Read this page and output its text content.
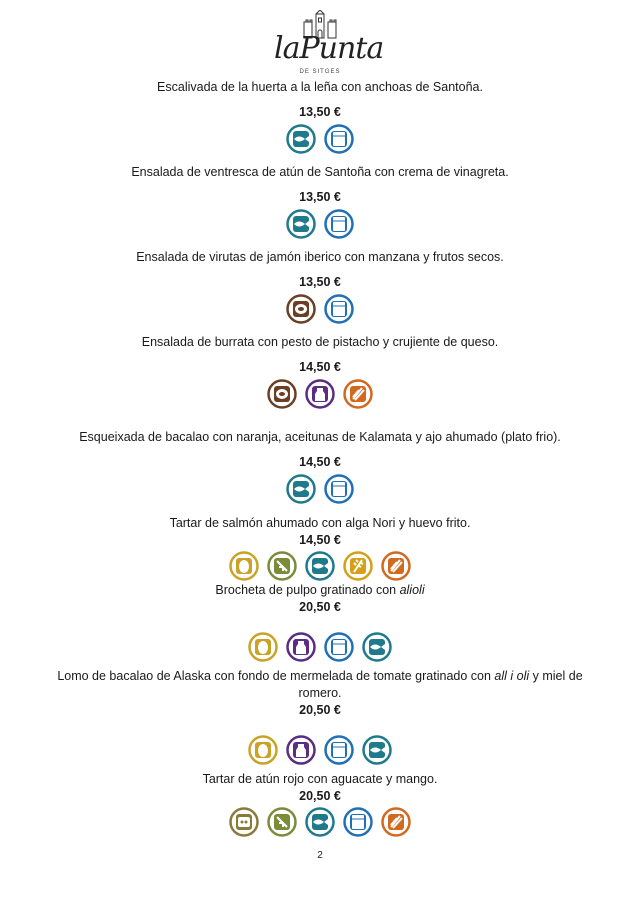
laPunta
DE SITGES
Escalivada de la huerta a la leña con anchoas de Santoña.
13,50 €
Ensalada de ventresca de atún de Santoña con crema de vinagreta.
13,50 €
Ensalada de virutas de jamón iberico con manzana y frutos secos.
13,50 €
Ensalada de burrata con pesto de pistacho y crujiente de queso.
14,50 €
Esqueixada de bacalao con naranja, aceitunas de Kalamata y ajo ahumado (plato frio).
14,50 €
Tartar de salmón ahumado con alga Nori y huevo frito.
14,50 €
Brocheta de pulpo gratinado con alioli
20,50 €
Lomo de bacalao de Alaska con fondo de mermelada de tomate gratinado con all i oli y miel de romero.
20,50 €
Tartar de atún rojo con aguacate y mango.
20,50 €
2
